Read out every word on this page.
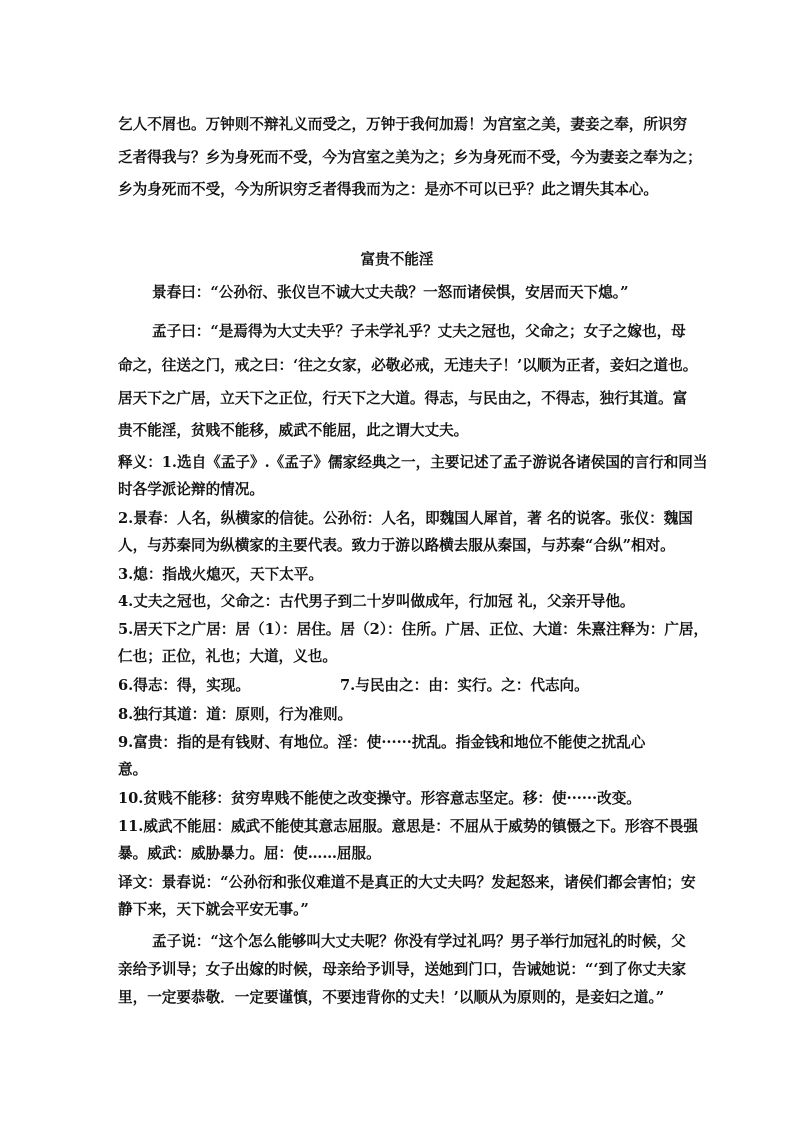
乞人不屑也。万钟则不辩礼义而受之，万钟于我何加焉！为宫室之美，妻妾之奉，所识穷
乏者得我与？乡为身死而不受，今为宫室之美为之；乡为身死而不受，今为妻妾之奉为之；
乡为身死而不受，今为所识穷乏者得我而为之：是亦不可以已乎？此之谓失其本心。
富贵不能淫
景春曰：“公孙衍、张仪岂不诚大丈夫哉？一怒而诸侯惧，安居而天下熄。”
孟子曰：“是焉得为大丈夫乎？子未学礼乎？丈夫之冠也，父命之；女子之嫁也，母
命之，往送之门，戒之曰：‘往之女家，必敬必戒，无违夫子！’以顺为正者，妾妇之道也。
居天下之广居，立天下之正位，行天下之大道。得志，与民由之，不得志，独行其道。富
贵不能淫，贫贱不能移，威武不能屈，此之谓大丈夫。
释义：1.选自《孟子》.《孟子》儒家经典之一，主要记述了孟子游说各诸侯国的言行和同当
时各学派论辩的情况。
2.景春：人名，纵横家的信徒。公孙衍：人名，即魏国人犀首，著 名的说客。张仪：魏国
人，与苏秦同为纵横家的主要代表。致力于游以路横去服从秦国，与苏秦“合纵”相对。
3.熄：指战火熄灭，天下太平。
4.丈夫之冠也，父命之：古代男子到二十岁叫做成年，行加冠 礼，父亲开导他。
5.居天下之广居：居（1）：居住。居（2）：住所。广居、正位、大道：朱熹注释为：广居，
仁也；正位，礼也；大道，义也。
6.得志：得，实现。	7.与民由之：由：实行。之：代志向。
8.独行其道：道：原则，行为准则。
9.富贵：指的是有钱财、有地位。淫：使······扰乱。指金钱和地位不能使之扰乱心
意。
10.贫贱不能移：贫穷卑贱不能使之改变操守。形容意志坚定。移：使······改变。
11.威武不能屈：威武不能使其意志屈服。意思是：不屈从于威势的镇慑之下。形容不畏强
暴。威武：威胁暴力。屈：使……屈服。
译文：景春说：“公孙衍和张仪难道不是真正的大丈夫吗？发起怒来，诸侯们都会害怕；安
静下来，天下就会平安无事。”
孟子说：“这个怎么能够叫大丈夫呢？你没有学过礼吗？男子举行加冠礼的时候，父
亲给予训导；女子出嫁的时候，母亲给予训导，送她到门口，告诫她说：“‘到了你丈夫家
里，一定要恭敬．一定要谨慎，不要违背你的丈夫！’以顺从为原则的，是妾妇之道。”
